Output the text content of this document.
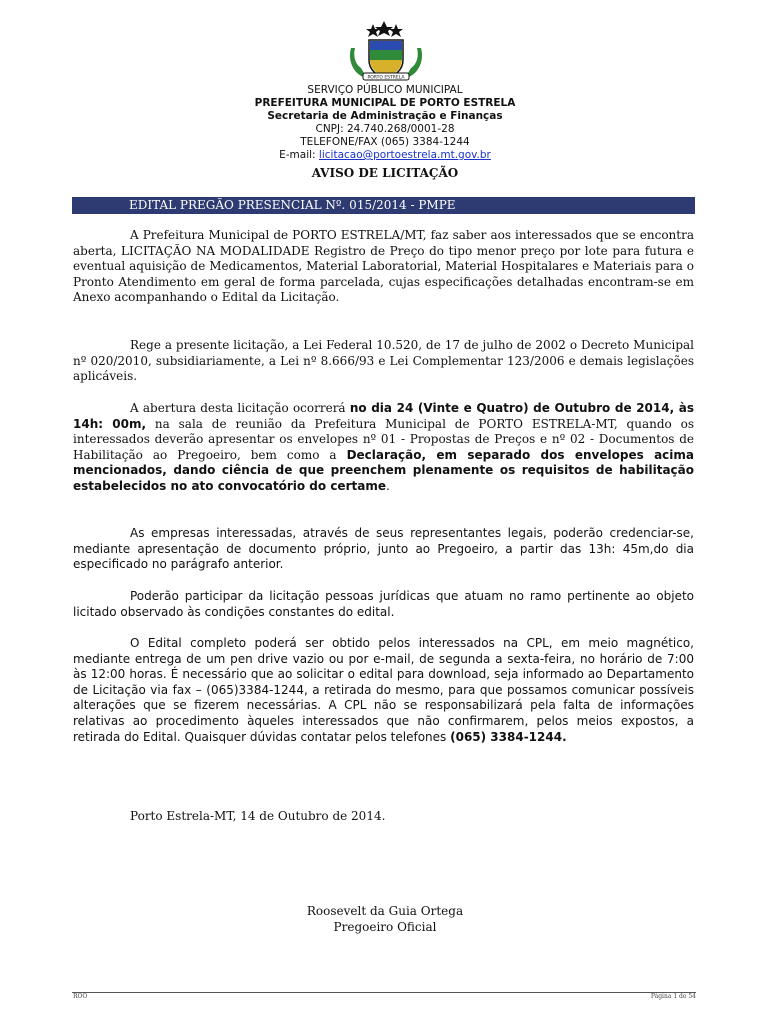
PORTO ESTRELA
SERVIÇO PÚBLICO MUNICIPAL
PREFEITURA MUNICIPAL DE PORTO ESTRELA
Secretaria de Administração e Finanças
CNPJ: 24.740.268/0001-28
TELEFONE/FAX (065) 3384-1244
E-mail: licitacao@portoestrela.mt.gov.br
AVISO DE LICITAÇÃO
EDITAL PREGÃO PRESENCIAL Nº. 015/2014 - PMPE
A Prefeitura Municipal de PORTO ESTRELA/MT, faz saber aos interessados que se encontra aberta, LICITAÇÃO NA MODALIDADE Registro de Preço do tipo menor preço por lote para futura e eventual aquisição de Medicamentos, Material Laboratorial, Material Hospitalares e Materiais para o Pronto Atendimento em geral de forma parcelada, cujas especificações detalhadas encontram-se em Anexo acompanhando o Edital da Licitação.
Rege a presente licitação, a Lei Federal 10.520, de 17 de julho de 2002 o Decreto Municipal nº 020/2010, subsidiariamente, a Lei nº 8.666/93 e Lei Complementar 123/2006 e demais legislações aplicáveis.
A abertura desta licitação ocorrerá no dia 24 (Vinte e Quatro) de Outubro de 2014, às 14h: 00m, na sala de reunião da Prefeitura Municipal de PORTO ESTRELA-MT, quando os interessados deverão apresentar os envelopes nº 01 - Propostas de Preços e nº 02 - Documentos de Habilitação ao Pregoeiro, bem como a Declaração, em separado dos envelopes acima mencionados, dando ciência de que preenchem plenamente os requisitos de habilitação estabelecidos no ato convocatório do certame.
As empresas interessadas, através de seus representantes legais, poderão credenciar-se, mediante apresentação de documento próprio, junto ao Pregoeiro, a partir das 13h: 45m,do dia especificado no parágrafo anterior.
Poderão participar da licitação pessoas jurídicas que atuam no ramo pertinente ao objeto licitado observado às condições constantes do edital.
O Edital completo poderá ser obtido pelos interessados na CPL, em meio magnético, mediante entrega de um pen drive vazio ou por e-mail, de segunda a sexta-feira, no horário de 7:00 às 12:00 horas. É necessário que ao solicitar o edital para download, seja informado ao Departamento de Licitação via fax – (065)3384-1244, a retirada do mesmo, para que possamos comunicar possíveis alterações que se fizerem necessárias. A CPL não se responsabilizará pela falta de informações relativas ao procedimento àqueles interessados que não confirmarem, pelos meios expostos, a retirada do Edital. Quaisquer dúvidas contatar pelos telefones (065) 3384-1244.
Porto Estrela-MT, 14 de Outubro de 2014.
Roosevelt da Guia Ortega
Pregoeiro Oficial
ROO	Página 1 de 54
